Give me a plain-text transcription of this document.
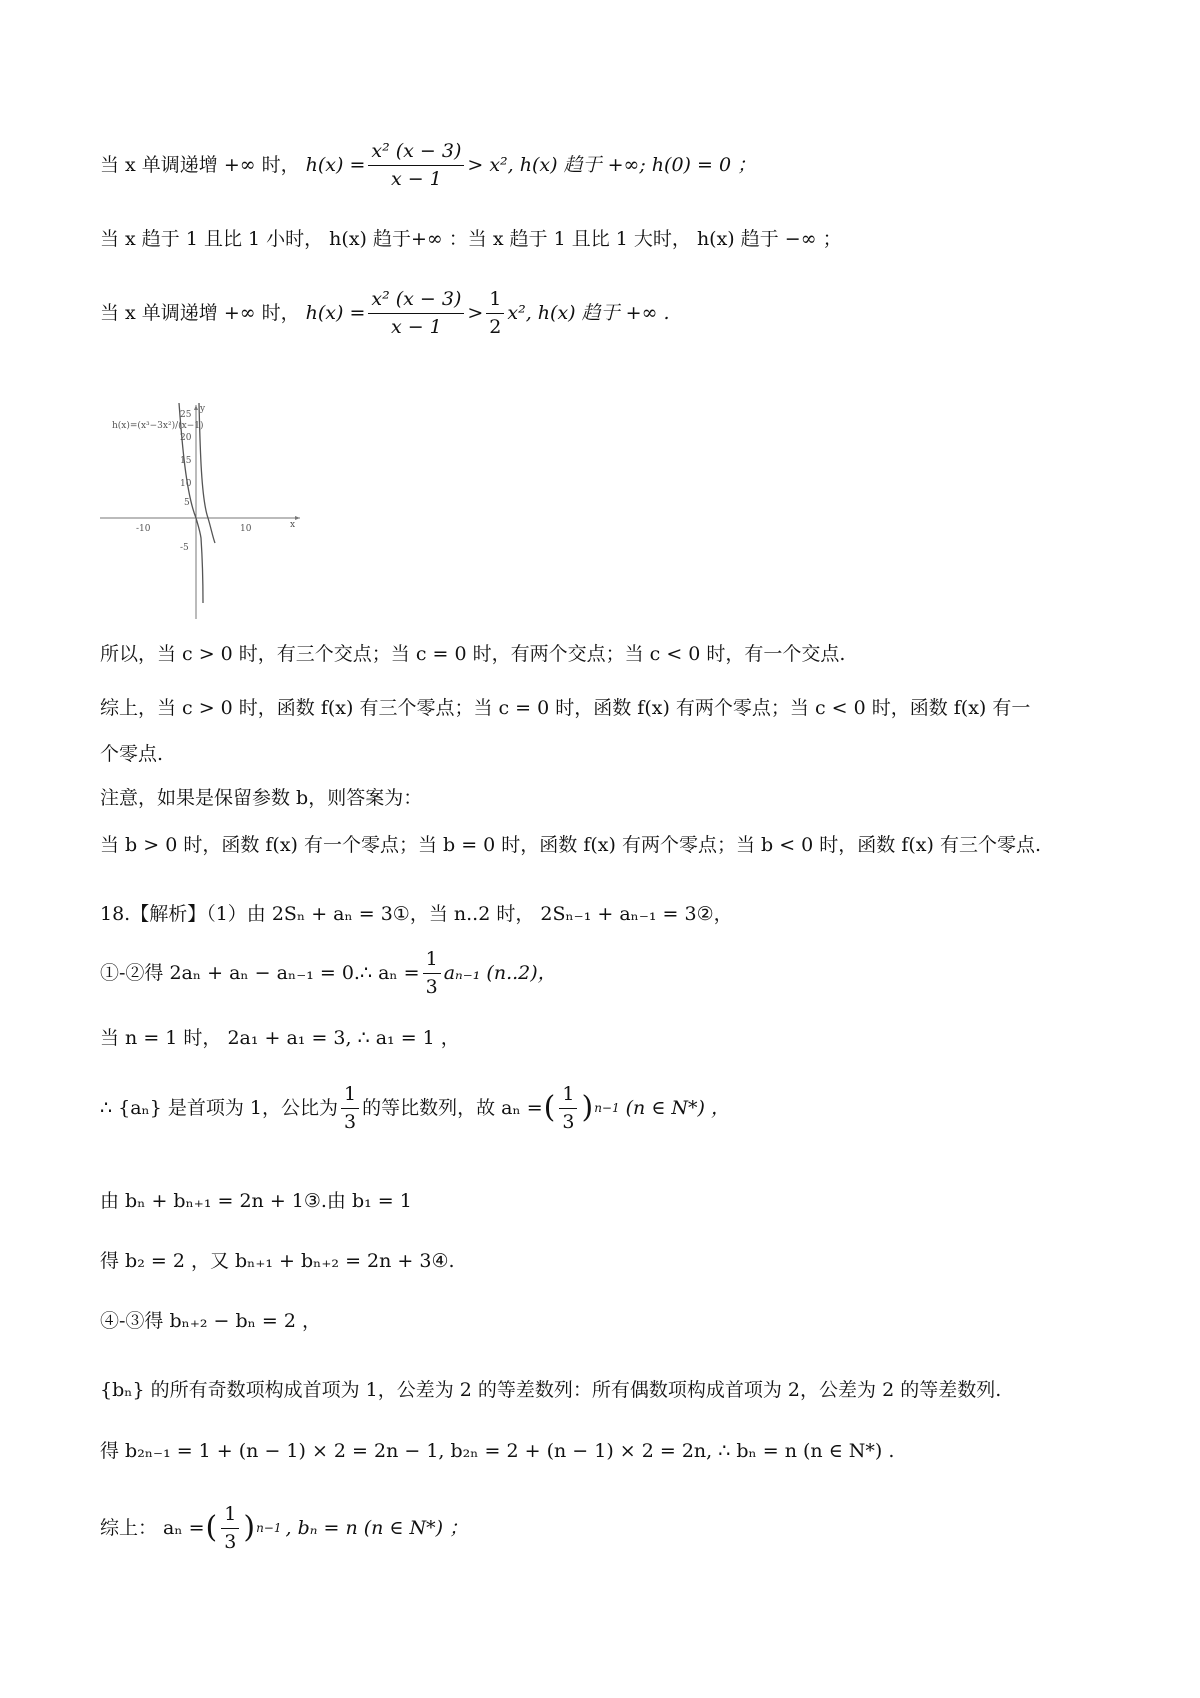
当 x 单调递增 +∞ 时， $h(x) = \frac{\text{x² (x − 3)}}{x - 1} > x^2$, h(x) 趋于 +∞; h(0) = 0 ；
当 x 趋于 1 且比 1 小时， h(x) 趋于+∞ ：当 x 趋于 1 且比 1 大时， h(x) 趋于 −∞ ；
当 x 单调递增 +∞ 时， $h(x) = \frac{\text{x² (x − 3)}}{x - 1} > \frac{1}{2} x^2$, h(x) 趋于 +∞ .
h(x)=(x³−3x²)/(x−1)
25
20
15
10
5
-5
-10	10	x
y
所以，当 c > 0 时，有三个交点；当 c = 0 时，有两个交点；当 c < 0 时，有一个交点.
综上，当 c > 0 时，函数 f(x) 有三个零点；当 c = 0 时，函数 f(x) 有两个零点；当 c < 0 时，函数 f(x) 有一
个零点.
注意，如果是保留参数 b，则答案为：
当 b > 0 时，函数 f(x) 有一个零点；当 b = 0 时，函数 f(x) 有两个零点；当 b < 0 时，函数 f(x) 有三个零点.
18.【解析】（1）由 2Sₙ + aₙ = 3①，当 n..2 时， 2Sₙ₋₁ + aₙ₋₁ = 3②，
①-②得 2aₙ + aₙ − aₙ₋₁ = 0.∴ $a_n = \frac{1}{3} a_{n-1}$ (n..2)，
当 n = 1 时， 2a₁ + a₁ = 3, ∴ a₁ = 1 ，
∴ {aₙ} 是首项为 1，公比为 $\frac{1}{3}$ 的等比数列，故 aₙ = ( $\frac{1}{3}$ ) n−1 (n ∈ N*) ，
由 bₙ + bₙ₊₁ = 2n + 1③.由 b₁ = 1
得 b₂ = 2 ，又 bₙ₊₁ + bₙ₊₂ = 2n + 3④.
④-③得 bₙ₊₂ − bₙ = 2 ，
{bₙ} 的所有奇数项构成首项为 1，公差为 2 的等差数列：所有偶数项构成首项为 2，公差为 2 的等差数列.
得 b₂ₙ₋₁ = 1 + (n − 1) × 2 = 2n − 1, b₂ₙ = 2 + (n − 1) × 2 = 2n, ∴ bₙ = n (n ∈ N*) .
综上： aₙ = ( $\frac{1}{3}$ ) n−1 , bₙ = n (n ∈ N*) ；
